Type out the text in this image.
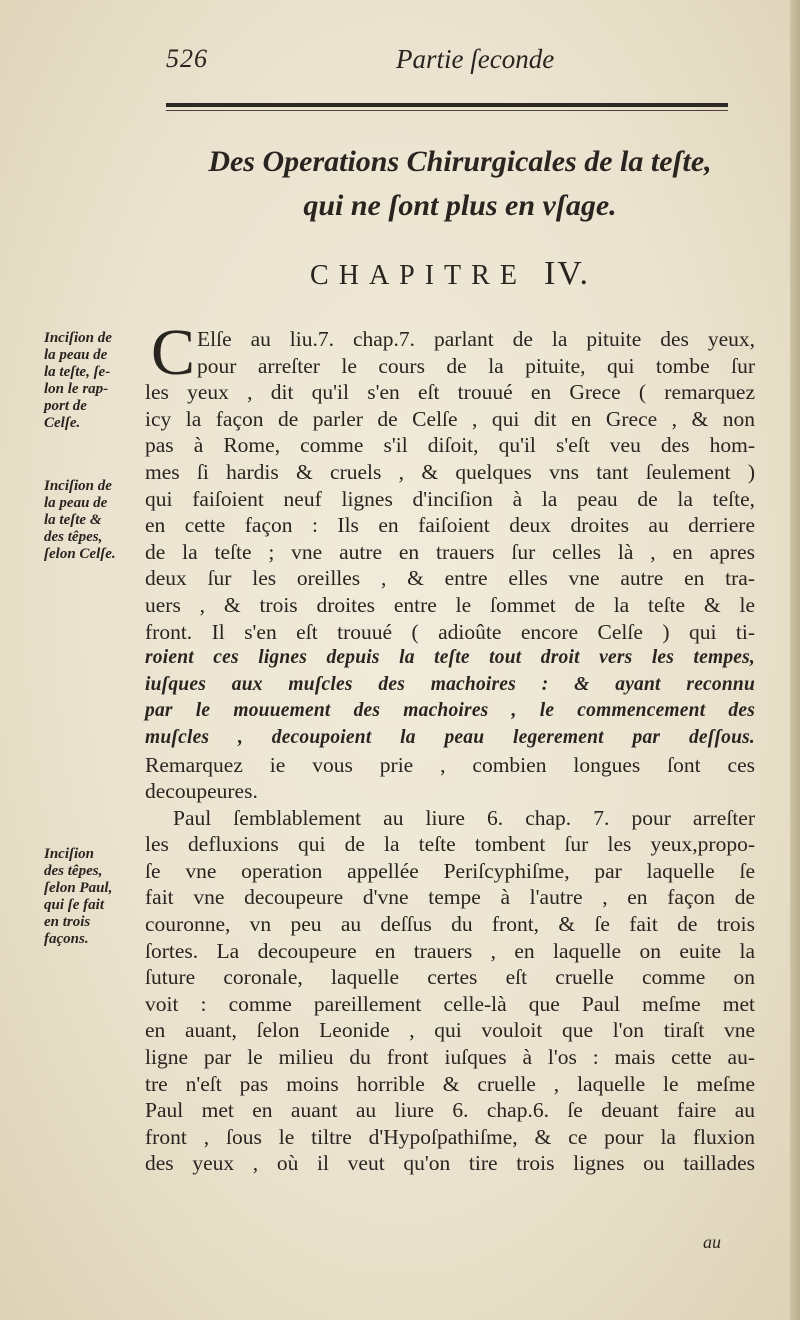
526	Partie ſeconde
Des Operations Chirurgicales de la teſte,
qui ne ſont plus en vſage.
CHAPITRE IV.
Inciſion de
la peau de
la teſte, ſe-
lon le rap-
port de
Celſe.
Inciſion de
la peau de
la teſte &
des têpes,
ſelon Celſe.
Inciſion
des têpes,
ſelon Paul,
qui ſe fait
en trois
façons.
C Elſe au liu.7. chap.7. parlant de la pituite des yeux,
pour arreſter le cours de la pituite, qui tombe ſur
les yeux , dit qu'il s'en eſt trouué en Grece ( remarquez
icy la façon de parler de Celſe , qui dit en Grece , & non
pas à Rome, comme s'il diſoit, qu'il s'eſt veu des hom-
mes ſi hardis & cruels , & quelques vns tant ſeulement )
qui faiſoient neuf lignes d'inciſion à la peau de la teſte,
en cette façon : Ils en faiſoient deux droites au derriere
de la teſte ; vne autre en trauers ſur celles là , en apres
deux ſur les oreilles , & entre elles vne autre en tra-
uers , & trois droites entre le ſommet de la teſte & le
front. Il s'en eſt trouué ( adioûte encore Celſe ) qui ti-
roient ces lignes depuis la teſte tout droit vers les tempes,
iuſques aux muſcles des machoires : & ayant reconnu
par le mouuement des machoires , le commencement des
muſcles , decoupoient la peau legerement par deſſous.
Remarquez ie vous prie , combien longues ſont ces
decoupeures.
Paul ſemblablement au liure 6. chap. 7. pour arreſter
les defluxions qui de la teſte tombent ſur les yeux,propo-
ſe vne operation appellée Periſcyphiſme, par laquelle ſe
fait vne decoupeure d'vne tempe à l'autre , en façon de
couronne, vn peu au deſſus du front, & ſe fait de trois
ſortes. La decoupeure en trauers , en laquelle on euite la
ſuture coronale, laquelle certes eſt cruelle comme on
voit : comme pareillement celle-là que Paul meſme met
en auant, ſelon Leonide , qui vouloit que l'on tiraſt vne
ligne par le milieu du front iuſques à l'os : mais cette au-
tre n'eſt pas moins horrible & cruelle , laquelle le meſme
Paul met en auant au liure 6. chap.6. ſe deuant faire au
front , ſous le tiltre d'Hypoſpathiſme, & ce pour la fluxion
des yeux , où il veut qu'on tire trois lignes ou taillades
au
